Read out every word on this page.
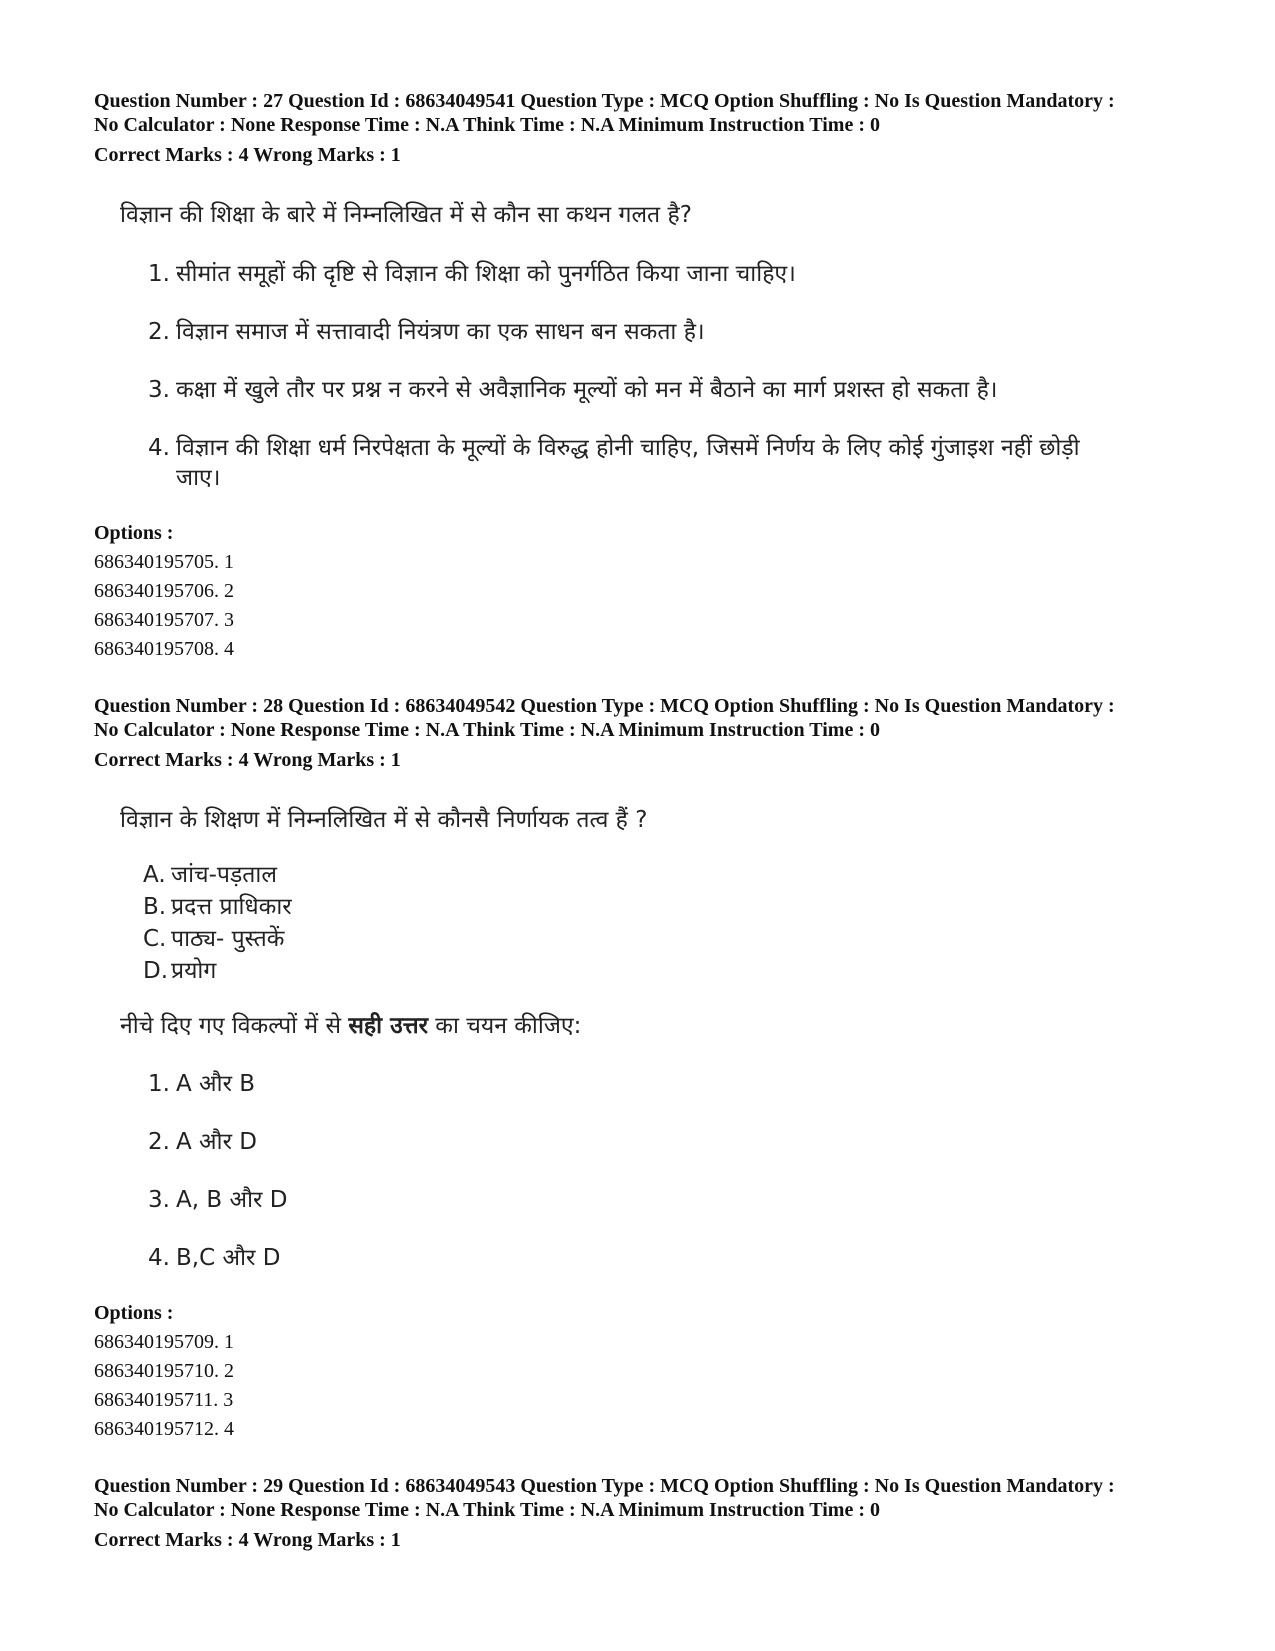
Question Number : 27 Question Id : 68634049541 Question Type : MCQ Option Shuffling : No Is Question Mandatory :
No Calculator : None Response Time : N.A Think Time : N.A Minimum Instruction Time : 0
Correct Marks : 4 Wrong Marks : 1
विज्ञान की शिक्षा के बारे में निम्नलिखित में से कौन सा कथन गलत है?
1. सीमांत समूहों की दृष्टि से विज्ञान की शिक्षा को पुनर्गठित किया जाना चाहिए।
2. विज्ञान समाज में सत्तावादी नियंत्रण का एक साधन बन सकता है।
3. कक्षा में खुले तौर पर प्रश्न न करने से अवैज्ञानिक मूल्यों को मन में बैठाने का मार्ग प्रशस्त हो सकता है।
4. विज्ञान की शिक्षा धर्म निरपेक्षता के मूल्यों के विरुद्ध होनी चाहिए, जिसमें निर्णय के लिए कोई गुंजाइश नहीं छोड़ी जाए।
Options :
686340195705. 1
686340195706. 2
686340195707. 3
686340195708. 4
Question Number : 28 Question Id : 68634049542 Question Type : MCQ Option Shuffling : No Is Question Mandatory :
No Calculator : None Response Time : N.A Think Time : N.A Minimum Instruction Time : 0
Correct Marks : 4 Wrong Marks : 1
विज्ञान के शिक्षण में निम्नलिखित में से कौनसै निर्णायक तत्व हैं ?
A. जांच-पड़ताल
B. प्रदत्त प्राधिकार
C. पाठ्य- पुस्तकें
D. प्रयोग
नीचे दिए गए विकल्पों में से सही उत्तर का चयन कीजिए:
1. A और B
2. A और D
3. A, B और D
4. B,C और D
Options :
686340195709. 1
686340195710. 2
686340195711. 3
686340195712. 4
Question Number : 29 Question Id : 68634049543 Question Type : MCQ Option Shuffling : No Is Question Mandatory :
No Calculator : None Response Time : N.A Think Time : N.A Minimum Instruction Time : 0
Correct Marks : 4 Wrong Marks : 1
